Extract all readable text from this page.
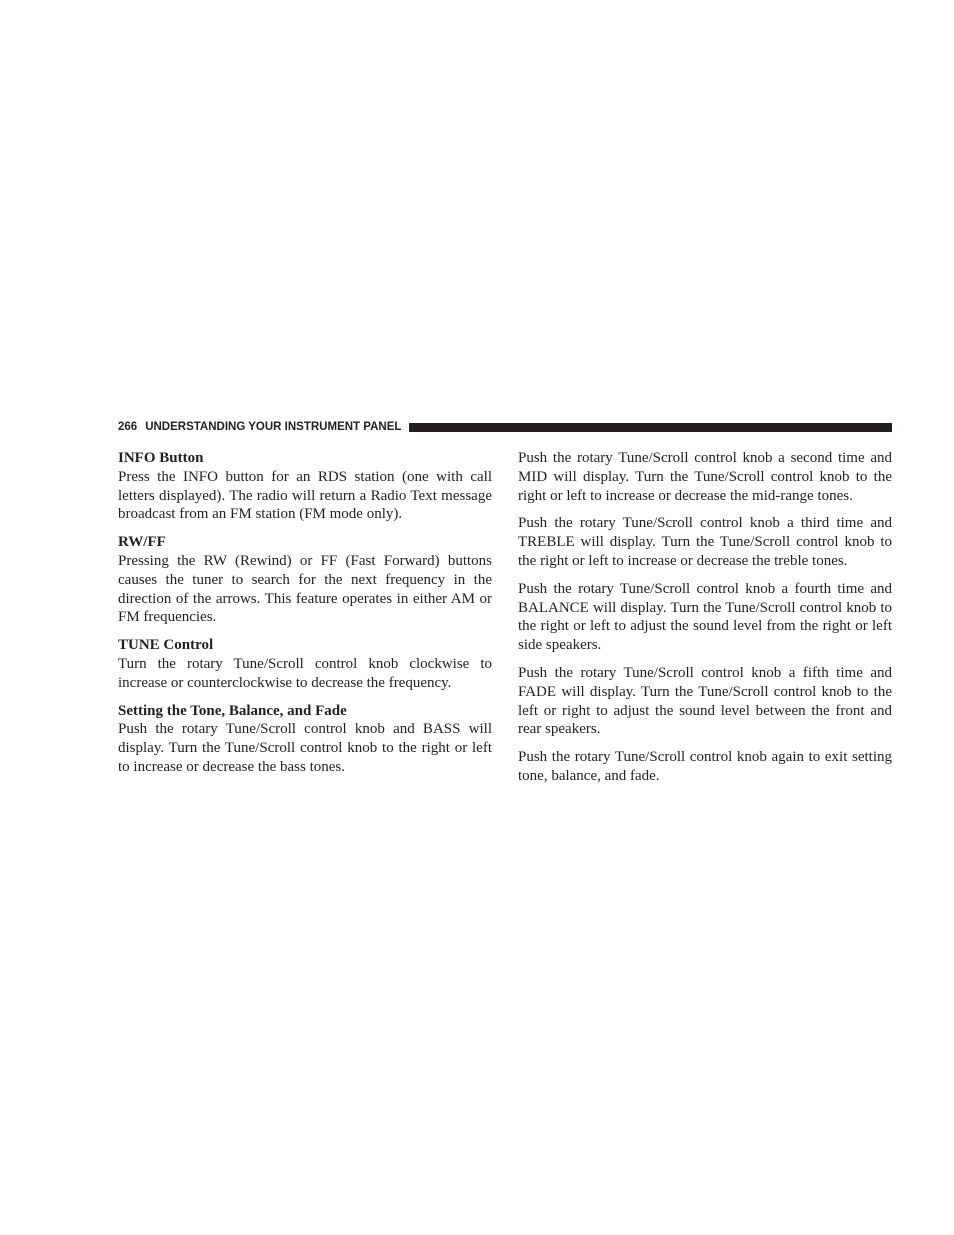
266 UNDERSTANDING YOUR INSTRUMENT PANEL
INFO Button

Press the INFO button for an RDS station (one with call letters displayed). The radio will return a Radio Text message broadcast from an FM station (FM mode only).

RW/FF

Pressing the RW (Rewind) or FF (Fast Forward) buttons causes the tuner to search for the next frequency in the direction of the arrows. This feature operates in either AM or FM frequencies.

TUNE Control

Turn the rotary Tune/Scroll control knob clockwise to increase or counterclockwise to decrease the frequency.

Setting the Tone, Balance, and Fade

Push the rotary Tune/Scroll control knob and BASS will display. Turn the Tune/Scroll control knob to the right or left to increase or decrease the bass tones.

Push the rotary Tune/Scroll control knob a second time and MID will display. Turn the Tune/Scroll control knob to the right or left to increase or decrease the mid-range tones.

Push the rotary Tune/Scroll control knob a third time and TREBLE will display. Turn the Tune/Scroll control knob to the right or left to increase or decrease the treble tones.

Push the rotary Tune/Scroll control knob a fourth time and BALANCE will display. Turn the Tune/Scroll control knob to the right or left to adjust the sound level from the right or left side speakers.

Push the rotary Tune/Scroll control knob a fifth time and FADE will display. Turn the Tune/Scroll control knob to the left or right to adjust the sound level between the front and rear speakers.

Push the rotary Tune/Scroll control knob again to exit setting tone, balance, and fade.
